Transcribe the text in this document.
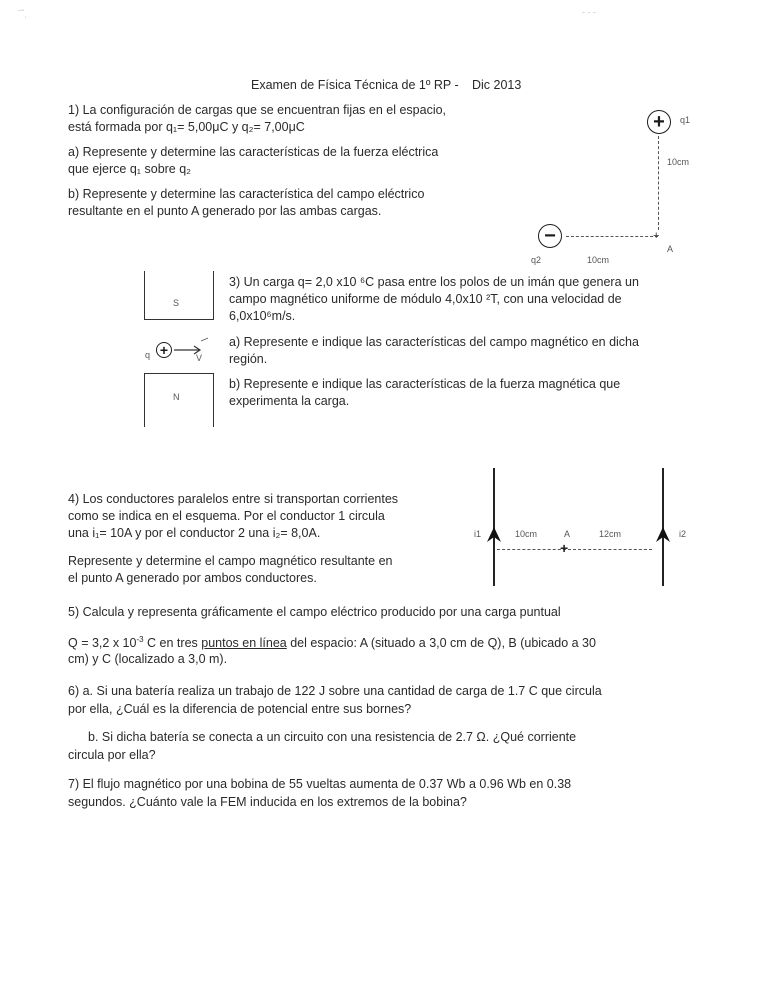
ˉ˜ˌ	ˉ ˉ ˉ
Examen de Física Técnica de 1º RP - Dic 2013
1) La configuración de cargas que se encuentran fijas en el espacio,
está formada por q₁= 5,00μC y q₂= 7,00μC
a) Represente y determine las características de la fuerza eléctrica
que ejerce q₁ sobre q₂
b) Represente y determine las característica del campo eléctrico
resultante en el punto A generado por las ambas cargas.
+	q1
10cm
−	+
A
q2	10cm
S
q +	V
N
3) Un carga q= 2,0 x10 ⁶C pasa entre los polos de un imán que genera un
campo magnético uniforme de módulo 4,0x10 ²T, con una velocidad de
6,0x10⁶m/s.
a) Represente e indique las características del campo magnético en dicha
región.
b) Represente e indique las características de la fuerza magnética que
experimenta la carga.
4) Los conductores paralelos entre si transportan corrientes
como se indica en el esquema. Por el conductor 1 circula
una i₁= 10A y por el conductor 2 una i₂= 8,0A.
Represente y determine el campo magnético resultante en
el punto A generado por ambos conductores.
i1	10cm	A	12cm
+
i2
5) Calcula y representa gráficamente el campo eléctrico producido por una carga puntual
Q = 3,2 x $10^{-3}$ C en tres puntos en línea del espacio: A (situado a 3,0 cm de Q), B (ubicado a 30
cm) y C (localizado a 3,0 m).
6) a. Si una batería realiza un trabajo de 122 J sobre una cantidad de carga de 1.7 C que circula
por ella, ¿Cuál es la diferencia de potencial entre sus bornes?
b. Si dicha batería se conecta a un circuito con una resistencia de 2.7 Ω. ¿Qué corriente
circula por ella?
7) El flujo magnético por una bobina de 55 vueltas aumenta de 0.37 Wb a 0.96 Wb en 0.38
segundos. ¿Cuánto vale la FEM inducida en los extremos de la bobina?
